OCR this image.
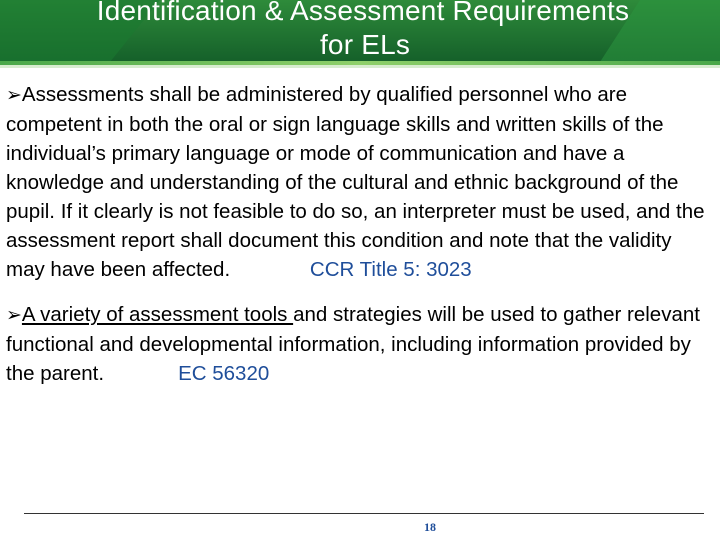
Identification & Assessment Requirements
for ELs

➢Assessments shall be administered by qualified personnel who are competent in both the oral or sign language skills and written skills of the individual’s primary language or mode of communication and have a knowledge and understanding of the cultural and ethnic background of the pupil. If it clearly is not feasible to do so, an interpreter must be used, and the assessment report shall document this condition and note that the validity may have been affected.	CCR Title 5: 3023

➢A variety of assessment tools and strategies will be used to gather relevant functional and developmental information, including information provided by the parent.	EC 56320

18
